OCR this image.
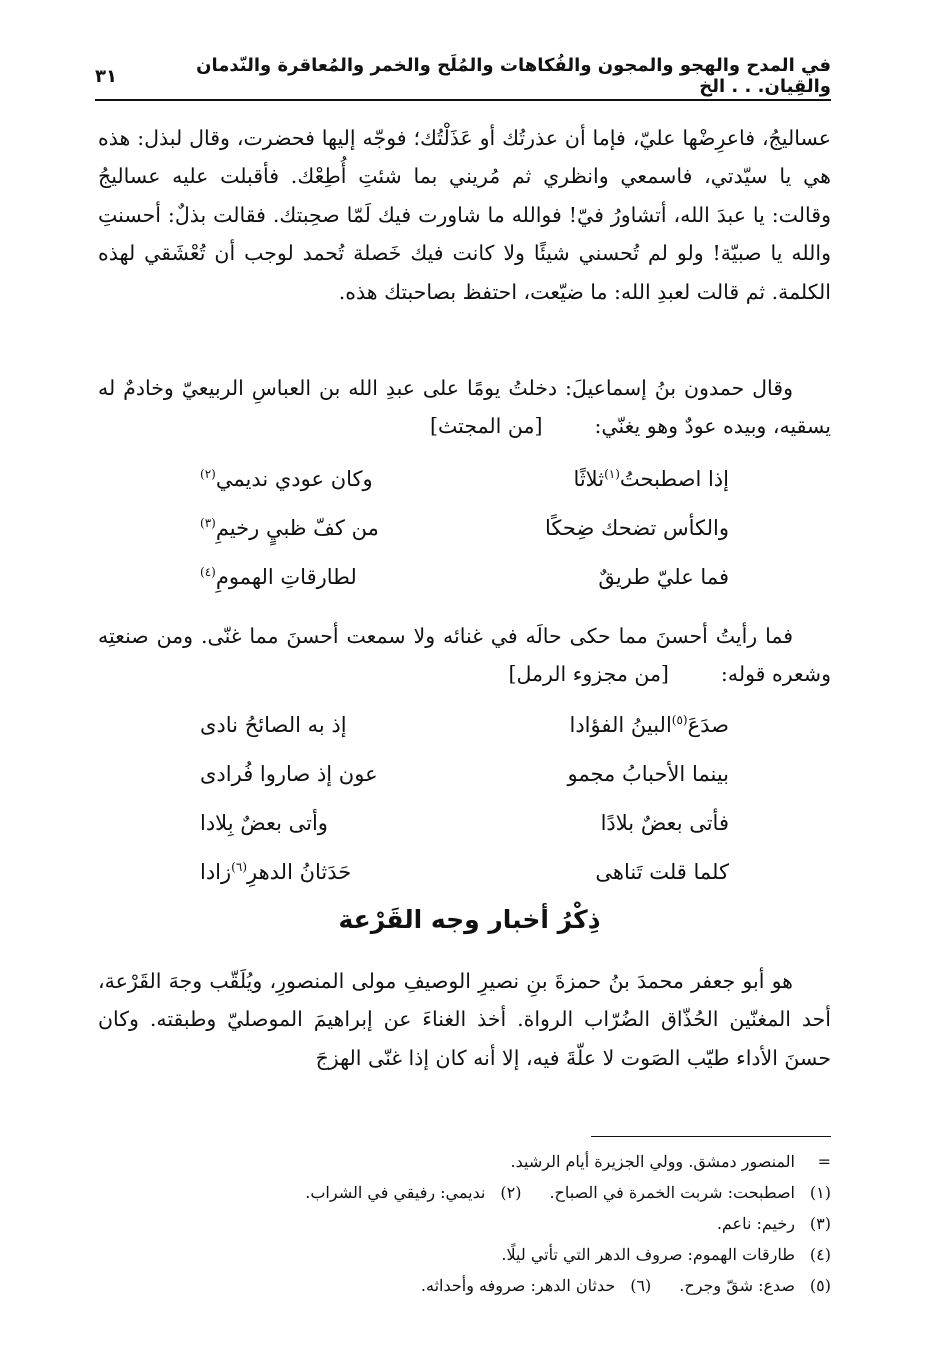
في المدح والهجو والمجون والفُكاهات والمُلَح والخمر والمُعاقرة والنّدمان والقِيان. . . الخ
٣١

عساليجُ، فاعرِضْها عليّ، فإما أن عذرتُك أو عَذَلْتُك؛ فوجّه إليها فحضرت، وقال لبذل: هذه هي يا سيّدتي، فاسمعي وانظري ثم مُريني بما شئتِ أُطِعْك. فأقبلت عليه عساليجُ وقالت: يا عبدَ الله، أتشاورُ فيّ! فوالله ما شاورت فيك لَمّا صحِبتك. فقالت بذلٌ: أحسنتِ والله يا صبيّة! ولو لم تُحسني شيئًا ولا كانت فيك خَصلة تُحمد لوجب أن تُعْشَقي لهذه الكلمة. ثم قالت لعبدِ الله: ما ضيّعت، احتفظ بصاحبتك هذه.

وقال حمدون بنُ إسماعيلَ: دخلتُ يومًا على عبدِ الله بن العباسِ الربيعيّ وخادمٌ له يسقيه، وبيده عودٌ وهو يغنّي:[من المجتث]

إذا اصطبحتُ$^{(١)}$ثلاثًا
وكان عودي نديمي$^{(٢)}$
والكأس تضحك ضِحكًا
من كفّ ظبيٍ رخيمِ$^{(٣)}$
فما عليّ طريقٌ
لطارقاتِ الهمومِ$^{(٤)}$

فما رأيتُ أحسنَ مما حكى حالَه في غنائه ولا سمعت أحسنَ مما غنّى. ومن صنعتِه وشعره قوله:[من مجزوء الرمل]

صدَعَ$^{(٥)}$البينُ الفؤادا
إذ به الصائحُ نادى
بينما الأحبابُ مجمو
عون إذ صاروا فُرادى
فأتى بعضٌ بلادًا
وأتى بعضٌ بِلادا
كلما قلت تَناهى
حَدَثانُ الدهرِ$^{(٦)}$زادا
ذِكْرُ أخبار وجه القَرْعة

هو أبو جعفر محمدَ بنُ حمزةَ بنِ نصيرِ الوصيفِ مولى المنصورِ، ويُلَقّب وجهَ القَرْعة، أحد المغنّين الحُذّاق الضُرّاب الرواة. أخذ الغناءَ عن إبراهيمَ الموصليّ وطبقته. وكان حسنَ الأداء طيّب الصَوت لا علّةَ فيه، إلا أنه كان إذا غنّى الهزجَ

=المنصور دمشق. وولي الجزيرة أيام الرشيد.
(١)اصطبحت: شربت الخمرة في الصباح.(٢)نديمي: رفيقي في الشراب.
(٣)رخيم: ناعم.
(٤)طارقات الهموم: صروف الدهر التي تأتي ليلًا.
(٥)صدع: شقّ وجرح.(٦)حدثان الدهر: صروفه وأحداثه.
